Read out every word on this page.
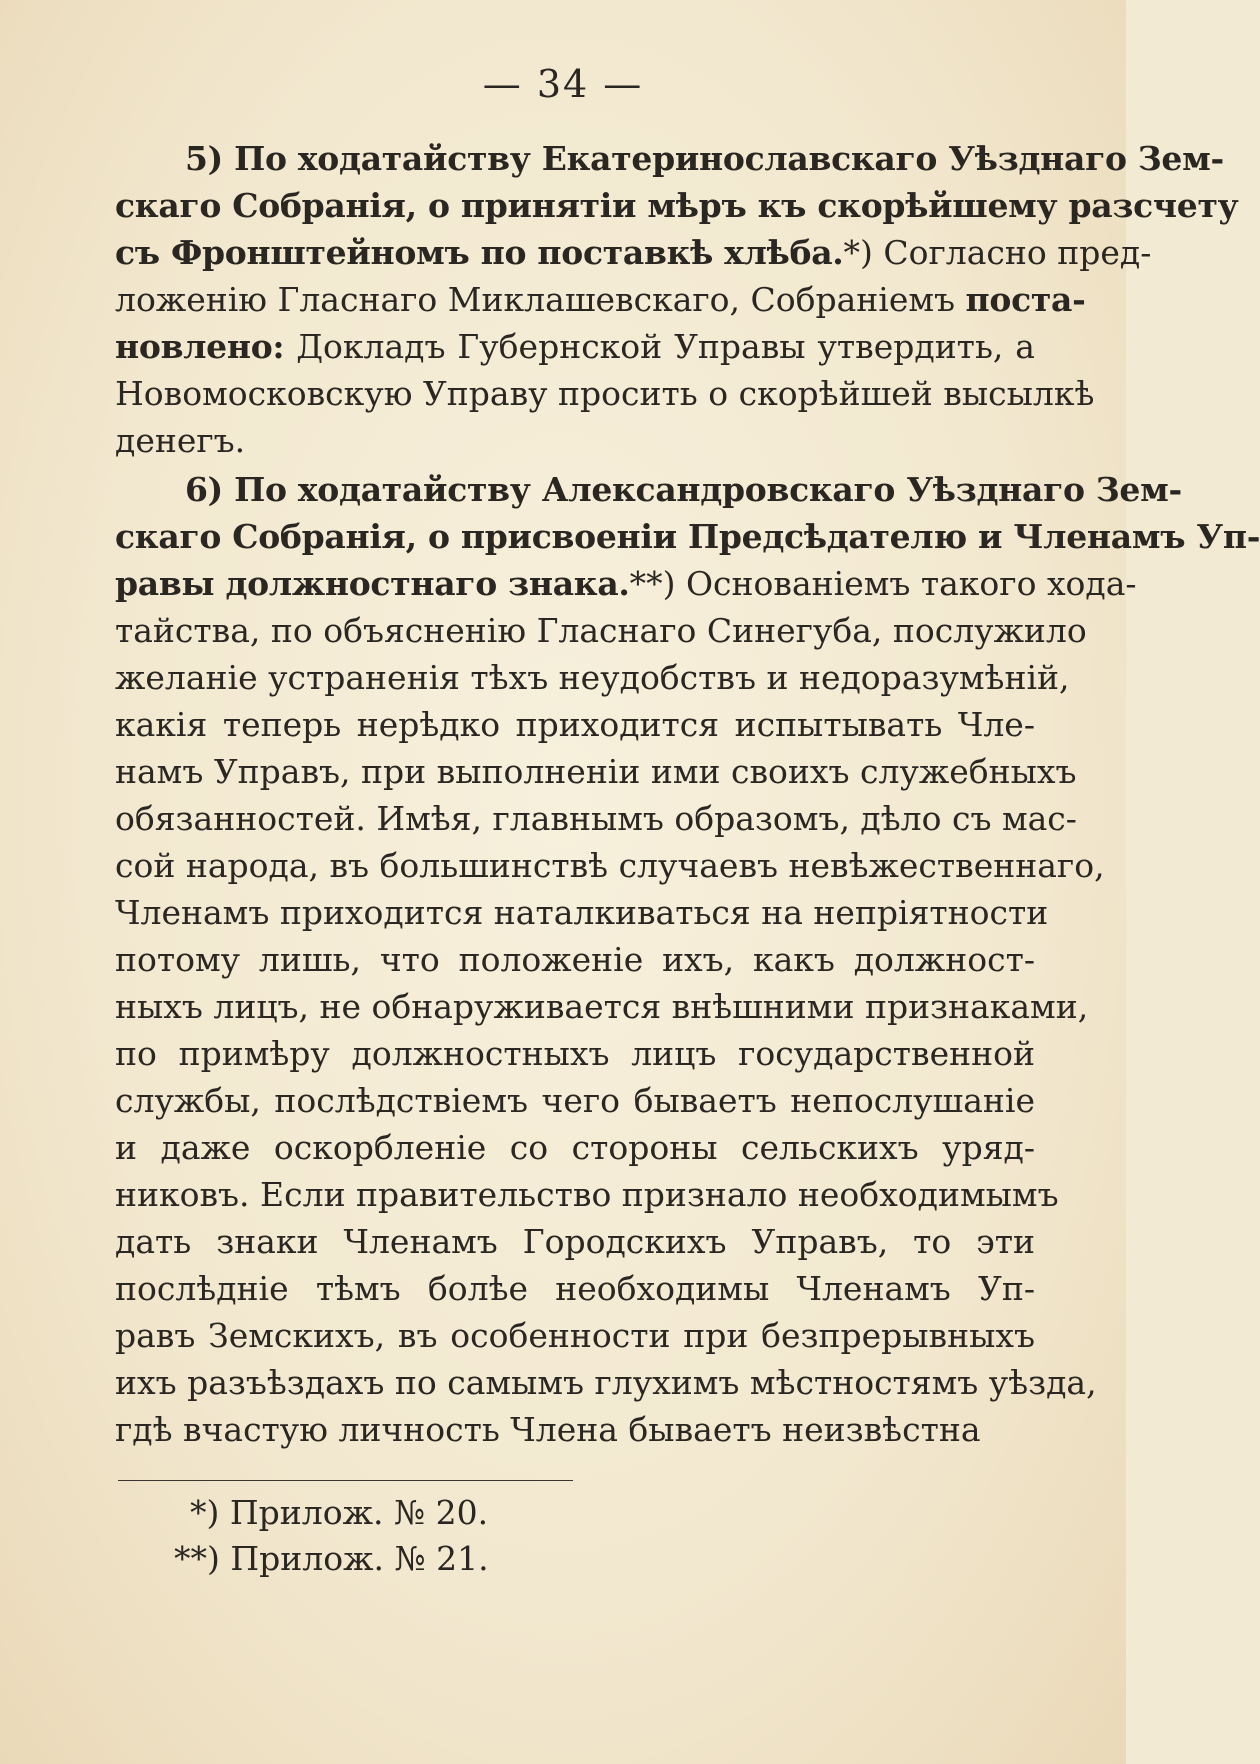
— 34 —
5) По ходатайству Екатеринославскаго Уѣзднаго Зем-
скаго Собранія, о принятіи мѣръ къ скорѣйшему разсчету
съ Фронштейномъ по поставкѣ хлѣба.*) Согласно пред-
ложенію Гласнаго Миклашевскаго, Собраніемъ поста-
новлено: Докладъ Губернской Управы утвердить, а
Новомосковскую Управу просить о скорѣйшей высылкѣ
денегъ.
6) По ходатайству Александровскаго Уѣзднаго Зем-
скаго Собранія, о присвоеніи Предсѣдателю и Членамъ Уп-
равы должностнаго знака.**) Основаніемъ такого хода-
тайства, по объясненію Гласнаго Синегуба, послужило
желаніе устраненія тѣхъ неудобствъ и недоразумѣній,
какія теперь нерѣдко приходится испытывать Чле-
намъ Управъ, при выполненіи ими своихъ служебныхъ
обязанностей. Имѣя, главнымъ образомъ, дѣло съ мас-
сой народа, въ большинствѣ случаевъ невѣжественнаго,
Членамъ приходится наталкиваться на непріятности
потому лишь, что положеніе ихъ, какъ должност-
ныхъ лицъ, не обнаруживается внѣшними признаками,
по примѣру должностныхъ лицъ государственной
службы, послѣдствіемъ чего бываетъ непослушаніе
и даже оскорбленіе со стороны сельскихъ уряд-
никовъ. Если правительство признало необходимымъ
дать знаки Членамъ Городскихъ Управъ, то эти
послѣдніе тѣмъ болѣе необходимы Членамъ Уп-
равъ Земскихъ, въ особенности при безпрерывныхъ
ихъ разъѣздахъ по самымъ глухимъ мѣстностямъ уѣзда,
гдѣ вчастую личность Члена бываетъ неизвѣстна
*) Прилож. № 20.
**) Прилож. № 21.
